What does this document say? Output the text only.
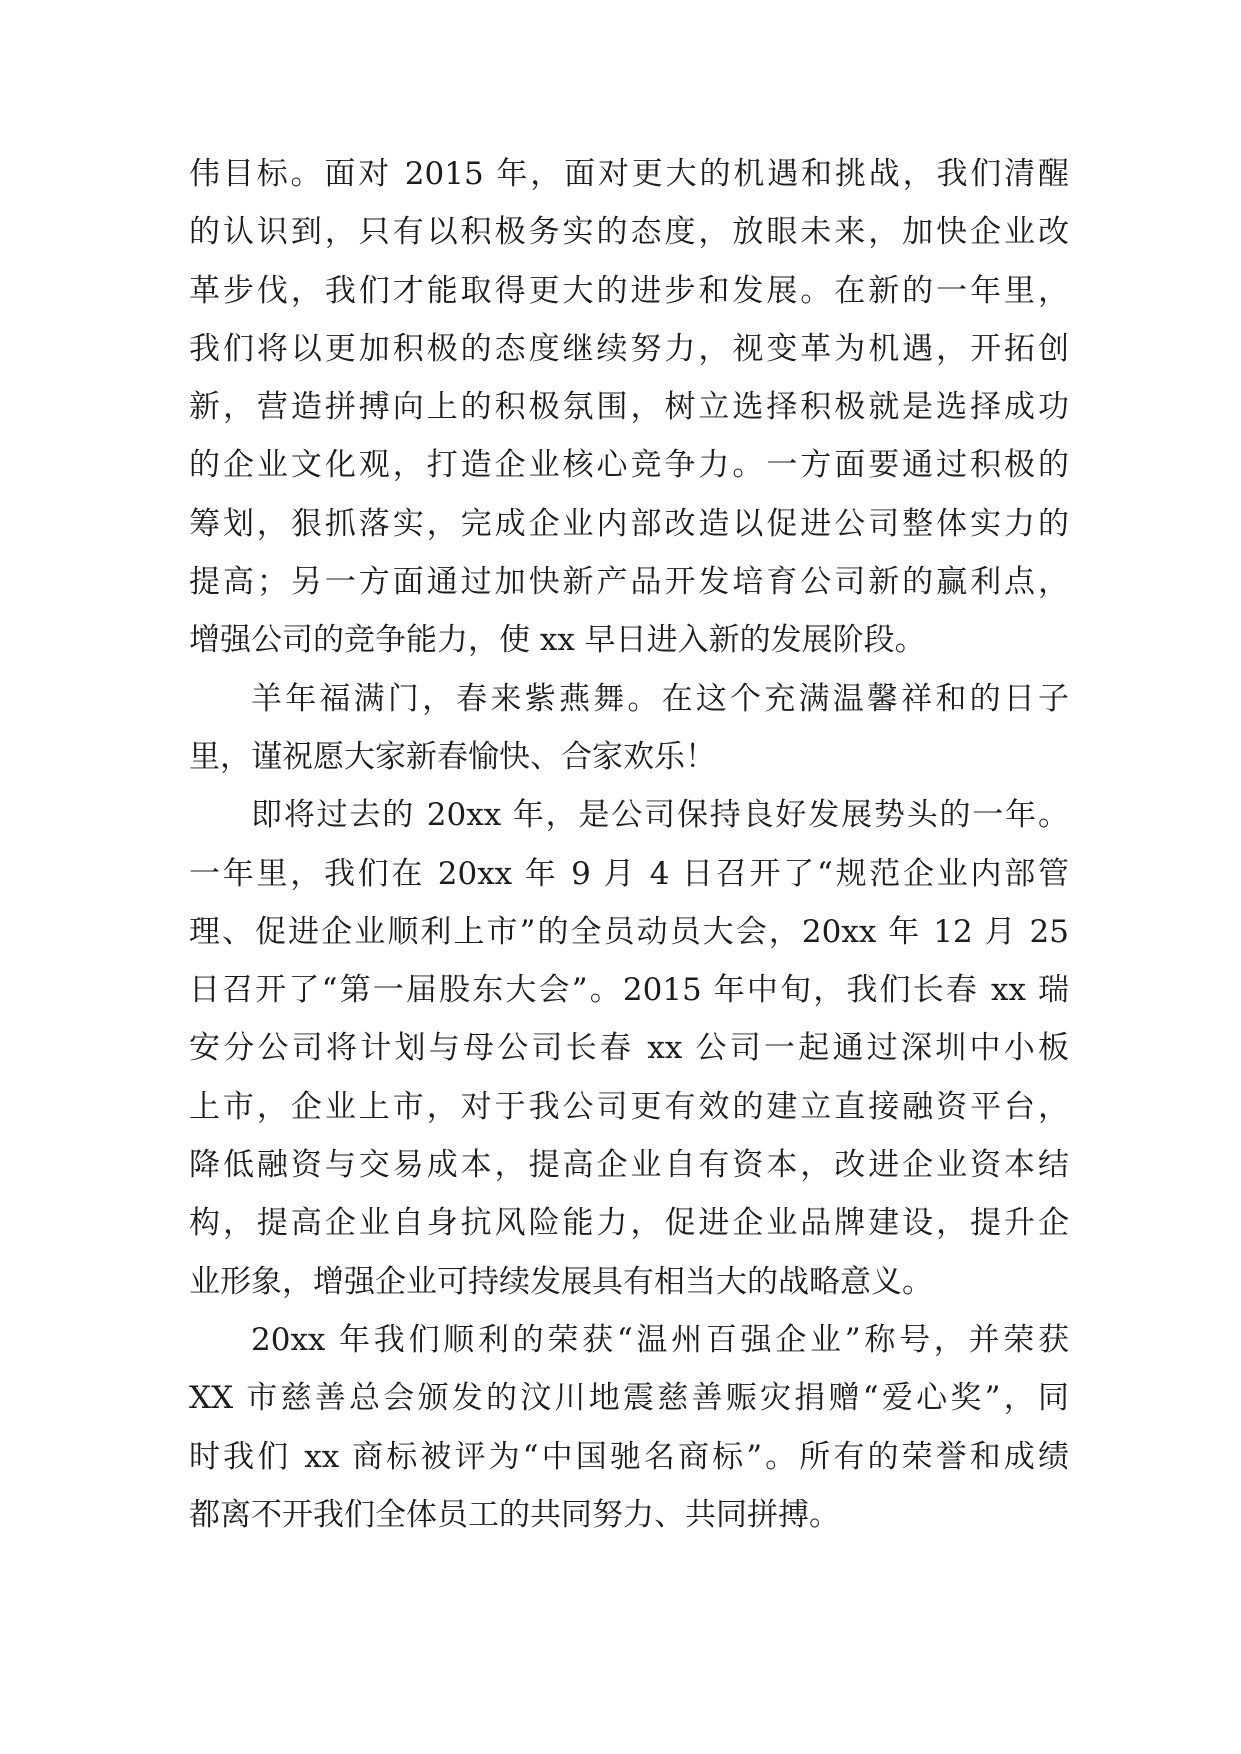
伟目标。面对 2015 年，面对更大的机遇和挑战，我们清醒
的认识到，只有以积极务实的态度，放眼未来，加快企业改
革步伐，我们才能取得更大的进步和发展。在新的一年里，
我们将以更加积极的态度继续努力，视变革为机遇，开拓创
新，营造拼搏向上的积极氛围，树立选择积极就是选择成功
的企业文化观，打造企业核心竞争力。一方面要通过积极的
筹划，狠抓落实，完成企业内部改造以促进公司整体实力的
提高；另一方面通过加快新产品开发培育公司新的赢利点，
增强公司的竞争能力，使 xx 早日进入新的发展阶段。
羊年福满门，春来紫燕舞。在这个充满温馨祥和的日子
里，谨祝愿大家新春愉快、合家欢乐！
即将过去的 20xx 年，是公司保持良好发展势头的一年。
一年里，我们在 20xx 年 9 月 4 日召开了“规范企业内部管
理、促进企业顺利上市”的全员动员大会，20xx 年 12 月 25
日召开了“第一届股东大会”。2015 年中旬，我们长春 xx 瑞
安分公司将计划与母公司长春 xx 公司一起通过深圳中小板
上市，企业上市，对于我公司更有效的建立直接融资平台，
降低融资与交易成本，提高企业自有资本，改进企业资本结
构，提高企业自身抗风险能力，促进企业品牌建设，提升企
业形象，增强企业可持续发展具有相当大的战略意义。
20xx 年我们顺利的荣获“温州百强企业”称号，并荣获
XX 市慈善总会颁发的汶川地震慈善赈灾捐赠“爱心奖”，同
时我们 xx 商标被评为“中国驰名商标”。所有的荣誉和成绩
都离不开我们全体员工的共同努力、共同拼搏。
